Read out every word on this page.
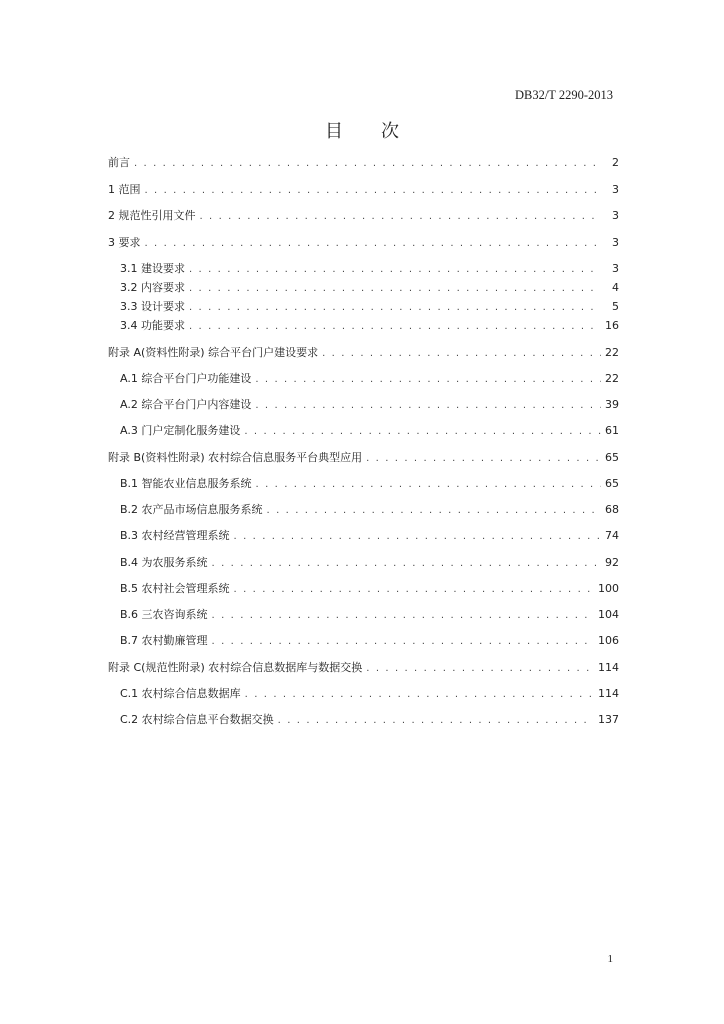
DB32/T 2290-2013
目 次
前言 . . .	2
1 范围 . . .	3
2 规范性引用文件 . . .	3
3 要求 . . .	3
3.1 建设要求 . . .	3
3.2 内容要求 . . .	4
3.3 设计要求 . . .	5
3.4 功能要求 . . .	16
附录 A(资料性附录) 综合平台门户建设要求 . . .	22
A.1 综合平台门户功能建设 . . .	22
A.2 综合平台门户内容建设 . . .	39
A.3 门户定制化服务建设 . . .	61
附录 B(资料性附录) 农村综合信息服务平台典型应用 . . .	65
B.1 智能农业信息服务系统 . . .	65
B.2 农产品市场信息服务系统 . . .	68
B.3 农村经营管理系统 . . .	74
B.4 为农服务系统 . . .	92
B.5 农村社会管理系统 . . .	100
B.6 三农咨询系统 . . .	104
B.7 农村勤廉管理 . . .	106
附录 C(规范性附录) 农村综合信息数据库与数据交换 . . .	114
C.1 农村综合信息数据库 . . .	114
C.2 农村综合信息平台数据交换 . . .	137
1
